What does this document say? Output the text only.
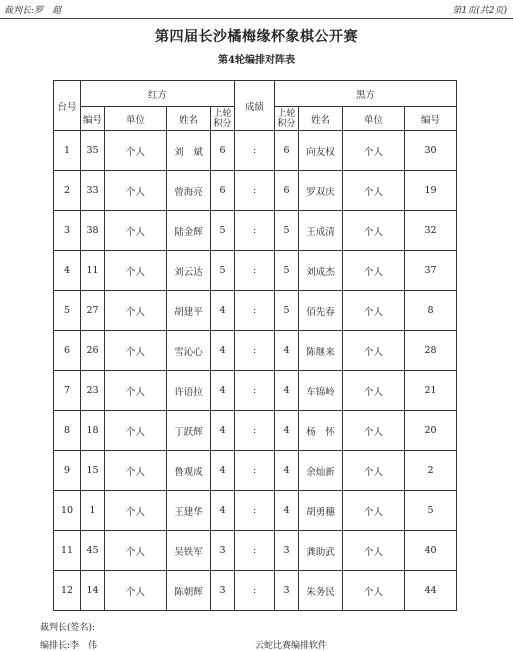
裁判长:罗　超	第1页(共2页)
第四届长沙橘梅缘杯象棋公开赛
第4轮编排对阵表
台号	红方				成绩	黑方			
	编号	单位	姓名	上轮积分		上轮积分	姓名	单位	编号
1	35	个人	刘　斌	6	:	6	向友权	个人	30
2	33	个人	曾海亮	6	:	6	罗双庆	个人	19
3	38	个人	陆金辉	5	:	5	王成清	个人	32
4	11	个人	刘云达	5	:	5	刘成杰	个人	37
5	27	个人	胡建平	4	:	5	佰先春	个人	8
6	26	个人	雪沁心	4	:	4	陈继来	个人	28
7	23	个人	许语拉	4	:	4	车锦岭	个人	21
8	18	个人	丁跃辉	4	:	4	杨　怀	个人	20
9	15	个人	鲁观成	4	:	4	余灿新	个人	2
10	1	个人	王建华	4	:	4	胡勇穗	个人	5
11	45	个人	吴铁军	3	:	3	龚助武	个人	40
12	14	个人	陈朝辉	3	:	3	朱务民	个人	44
裁判长(签名):
编排长:李　伟	云蛇比赛编排软件
